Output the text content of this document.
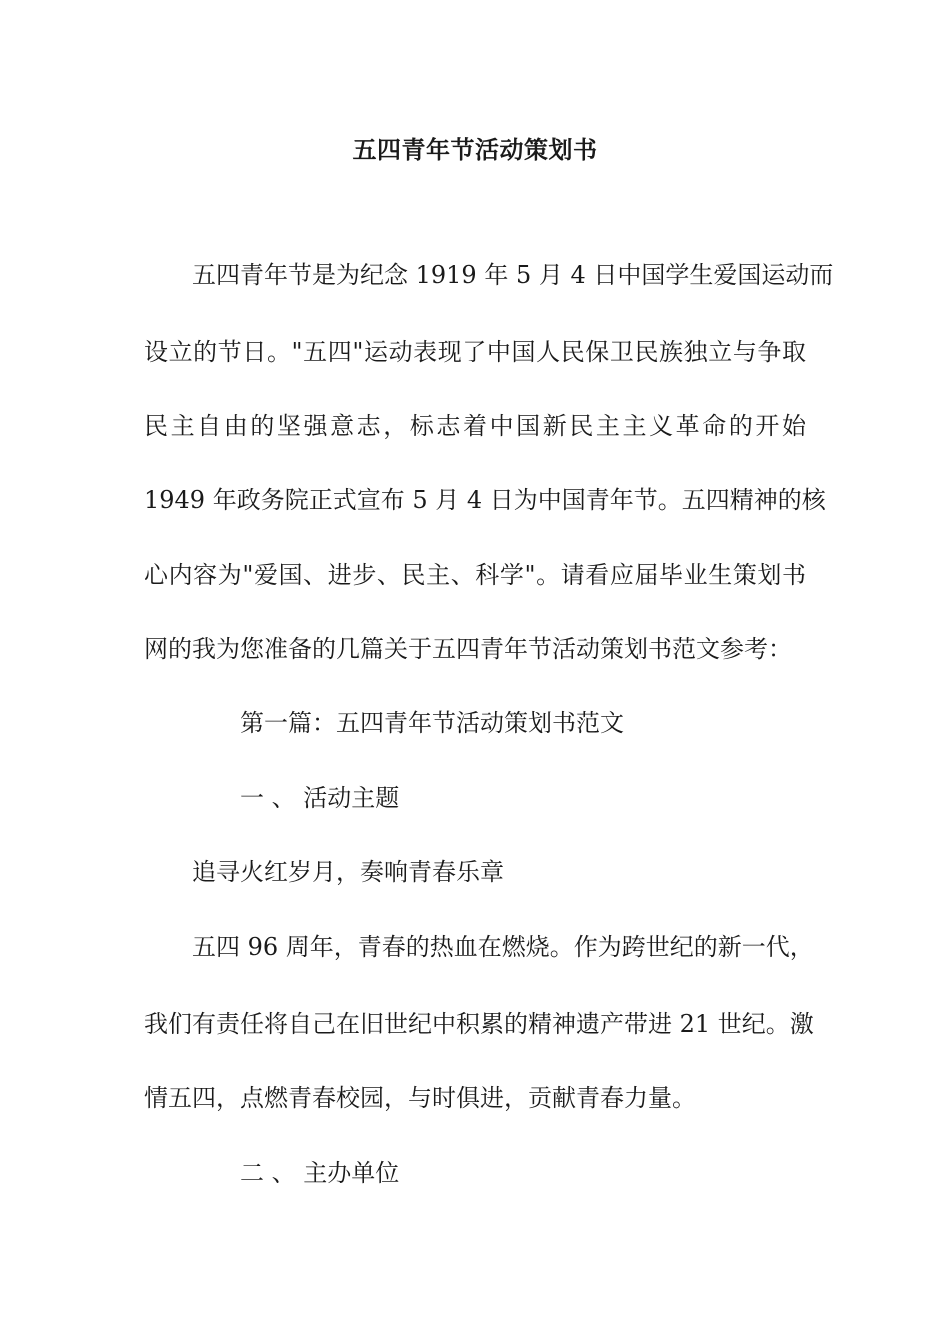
五四青年节活动策划书
五四青年节是为纪念 1919 年 5 月 4 日中国学生爱国运动而
设立的节日。"五四"运动表现了中国人民保卫民族独立与争取
民主自由的坚强意志，标志着中国新民主主义革命的开始
1949 年政务院正式宣布 5 月 4 日为中国青年节。五四精神的核
心内容为"爱国、进步、民主、科学"。请看应届毕业生策划书
网的我为您准备的几篇关于五四青年节活动策划书范文参考：
第一篇：五四青年节活动策划书范文
一 、 活动主题
追寻火红岁月，奏响青春乐章
五四 96 周年，青春的热血在燃烧。作为跨世纪的新一代，
我们有责任将自己在旧世纪中积累的精神遗产带进 21 世纪。激
情五四，点燃青春校园，与时俱进，贡献青春力量。
二 、 主办单位
